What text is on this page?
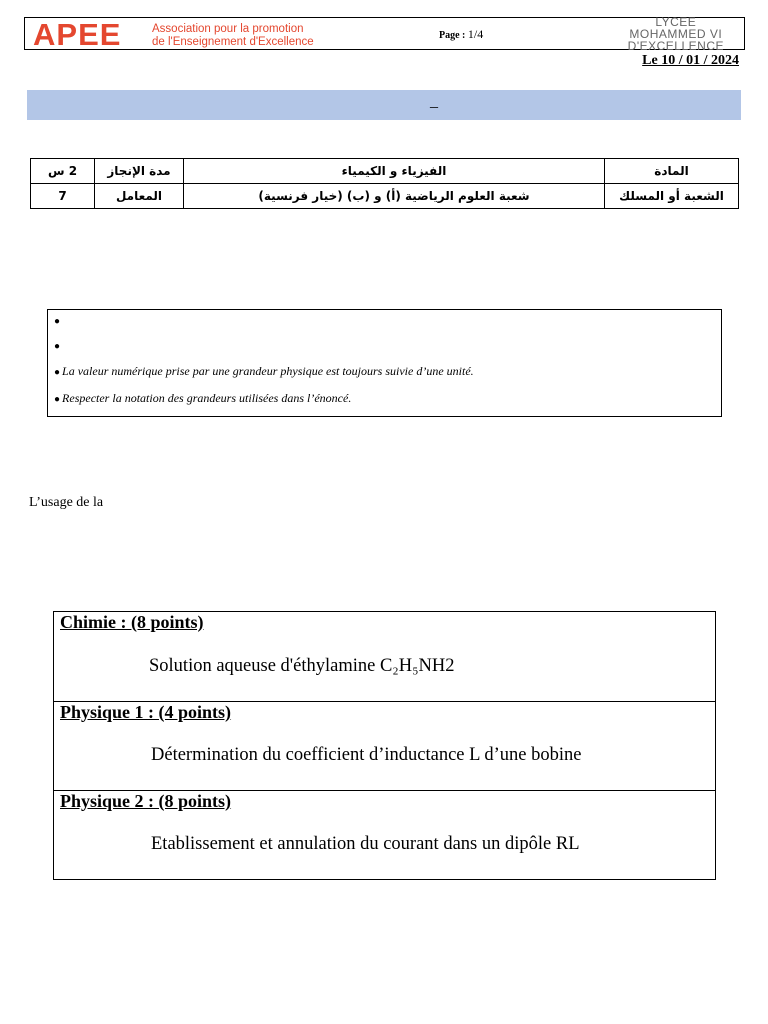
APEE	Association pour la promotion
de l'Enseignement d'Excellence
Page : 1/4
LYCEE
MOHAMMED VI
D'EXCELLENCE
Le 10 / 01 / 2024
_
المادة	الفيزياء و الكيمياء	مدة الإنجاز	2 س
الشعبة أو المسلك	شعبة العلوم الرياضية (أ) و (ب) (خيار فرنسية)	المعامل	7
●
●
● La valeur numérique prise par une grandeur physique est toujours suivie d’une unité.
● Respecter la notation des grandeurs utilisées dans l’énoncé.
L’usage de la
Chimie : (8 points)
Solution aqueuse d'éthylamine C₂H₅NH2
Physique 1 : (4 points)
Détermination du coefficient d’inductance L d’une bobine
Physique 2 : (8 points)
Etablissement et annulation du courant dans un dipôle RL
